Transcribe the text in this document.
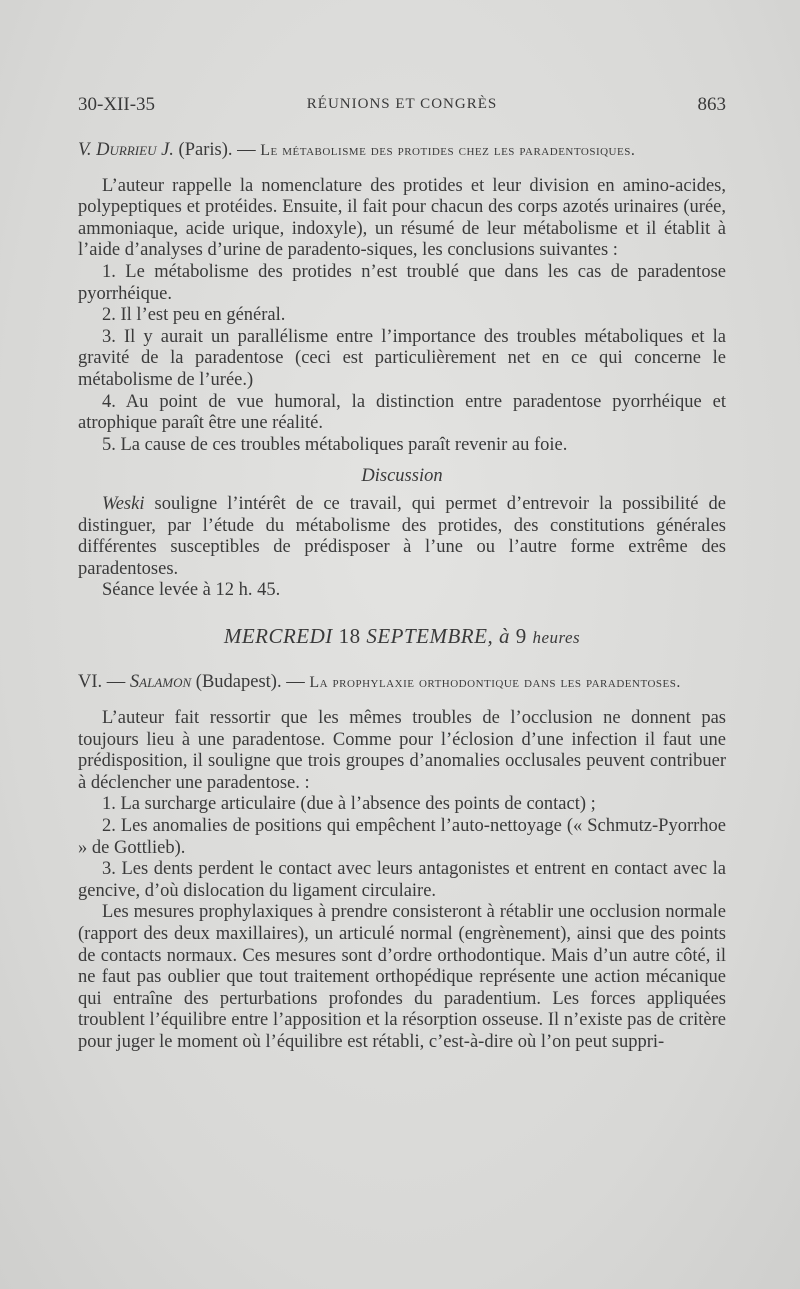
30-XII-35	RÉUNIONS ET CONGRÈS	863

V. Durrieu J. (Paris). — Le métabolisme des protides chez les paradentosiques.

L’auteur rappelle la nomenclature des protides et leur division en amino-acides, polypeptiques et protéides. Ensuite, il fait pour chacun des corps azotés urinaires (urée, ammoniaque, acide urique, indoxyle), un résumé de leur métabolisme et il établit à l’aide d’analyses d’urine de paradento-siques, les conclusions suivantes :

1. Le métabolisme des protides n’est troublé que dans les cas de paradentose pyorrhéique.

2. Il l’est peu en général.

3. Il y aurait un parallélisme entre l’importance des troubles métaboliques et la gravité de la paradentose (ceci est particulièrement net en ce qui concerne le métabolisme de l’urée.)

4. Au point de vue humoral, la distinction entre paradentose pyorrhéique et atrophique paraît être une réalité.

5. La cause de ces troubles métaboliques paraît revenir au foie.

Discussion

Weski souligne l’intérêt de ce travail, qui permet d’entrevoir la possibilité de distinguer, par l’étude du métabolisme des protides, des constitutions générales différentes susceptibles de prédisposer à l’une ou l’autre forme extrême des paradentoses.

Séance levée à 12 h. 45.

MERCREDI 18 SEPTEMBRE, à 9 heures

VI. — Salamon (Budapest). — La prophylaxie orthodontique dans les paradentoses.

L’auteur fait ressortir que les mêmes troubles de l’occlusion ne donnent pas toujours lieu à une paradentose. Comme pour l’éclosion d’une infection il faut une prédisposition, il souligne que trois groupes d’anomalies occlusales peuvent contribuer à déclencher une paradentose. :

1. La surcharge articulaire (due à l’absence des points de contact) ;

2. Les anomalies de positions qui empêchent l’auto-nettoyage (« Schmutz-Pyorrhoe » de Gottlieb).

3. Les dents perdent le contact avec leurs antagonistes et entrent en contact avec la gencive, d’où dislocation du ligament circulaire.

Les mesures prophylaxiques à prendre consisteront à rétablir une occlusion normale (rapport des deux maxillaires), un articulé normal (engrènement), ainsi que des points de contacts normaux. Ces mesures sont d’ordre orthodontique. Mais d’un autre côté, il ne faut pas oublier que tout traitement orthopédique représente une action mécanique qui entraîne des perturbations profondes du paradentium. Les forces appliquées troublent l’équilibre entre l’apposition et la résorption osseuse. Il n’existe pas de critère pour juger le moment où l’équilibre est rétabli, c’est-à-dire où l’on peut suppri-
